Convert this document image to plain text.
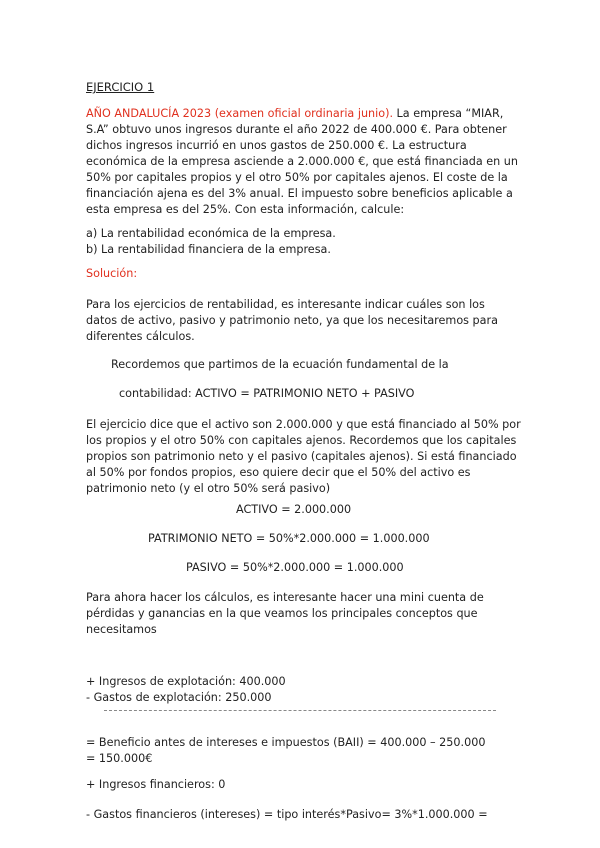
EJERCICIO 1
AÑO ANDALUCÍA 2023 (examen oficial ordinaria junio). La empresa “MIAR,
S.A” obtuvo unos ingresos durante el año 2022 de 400.000 €. Para obtener
dichos ingresos incurrió en unos gastos de 250.000 €. La estructura
económica de la empresa asciende a 2.000.000 €, que está financiada en un
50% por capitales propios y el otro 50% por capitales ajenos. El coste de la
financiación ajena es del 3% anual. El impuesto sobre beneficios aplicable a
esta empresa es del 25%. Con esta información, calcule:
a) La rentabilidad económica de la empresa.
b) La rentabilidad financiera de la empresa.
Solución:
Para los ejercicios de rentabilidad, es interesante indicar cuáles son los
datos de activo, pasivo y patrimonio neto, ya que los necesitaremos para
diferentes cálculos.
Recordemos que partimos de la ecuación fundamental de la
contabilidad: ACTIVO = PATRIMONIO NETO + PASIVO
El ejercicio dice que el activo son 2.000.000 y que está financiado al 50% por
los propios y el otro 50% con capitales ajenos. Recordemos que los capitales
propios son patrimonio neto y el pasivo (capitales ajenos). Si está financiado
al 50% por fondos propios, eso quiere decir que el 50% del activo es
patrimonio neto (y el otro 50% será pasivo)
ACTIVO = 2.000.000
PATRIMONIO NETO = 50%*2.000.000 = 1.000.000
PASIVO = 50%*2.000.000 = 1.000.000
Para ahora hacer los cálculos, es interesante hacer una mini cuenta de
pérdidas y ganancias en la que veamos los principales conceptos que
necesitamos
+ Ingresos de explotación: 400.000
- Gastos de explotación: 250.000
= Beneficio antes de intereses e impuestos (BAII) = 400.000 – 250.000
= 150.000€
+ Ingresos financieros: 0
- Gastos financieros (intereses) = tipo interés*Pasivo= 3%*1.000.000 =
